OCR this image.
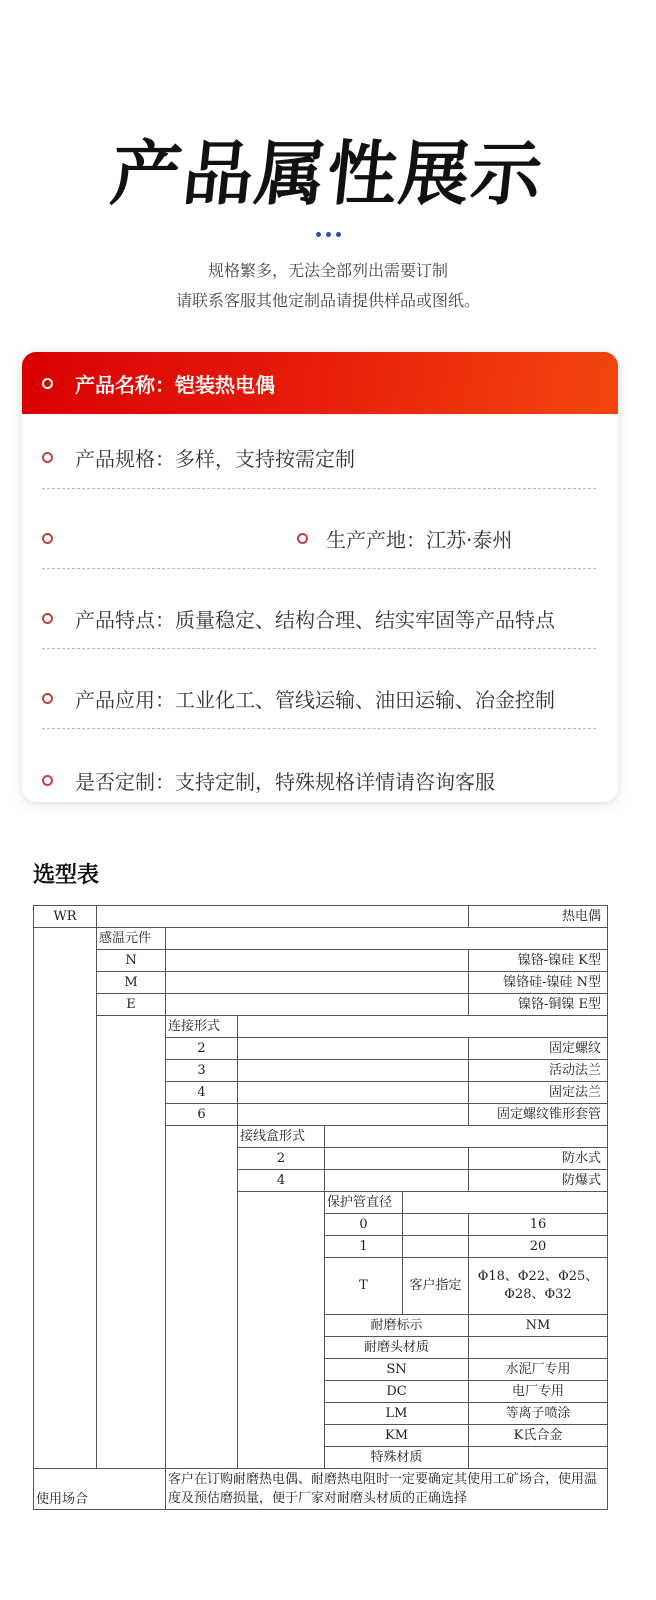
产品属性展示
规格繁多，无法全部列出需要订制
请联系客服其他定制品请提供样品或图纸。
产品名称：铠装热电偶
产品规格：多样，支持按需定制
生产产地：江苏·泰州
产品特点：质量稳定、结构合理、结实牢固等产品特点
产品应用：工业化工、管线运输、油田运输、冶金控制
是否定制：支持定制，特殊规格详情请咨询客服
选型表
WR						热电偶
	感温元件					
	N					镍铬-镍硅 K型
	M					镍铬硅-镍硅 N型
	E					镍铬-铜镍 E型
		连接形式				
		2				固定螺纹
		3				活动法兰
		4				固定法兰
		6				固定螺纹锥形套管
			接线盒形式			
			2			防水式
			4			防爆式
				保护管直径		
				0		16
				1		20
				T	客户指定	Φ18、Φ22、Φ25、Φ28、Φ32
				耐磨标示		NM
				耐磨头材质		
				SN		水泥厂专用
				DC		电厂专用
				LM		等离子喷涂
				KM		K氏合金
				特殊材质		
使用场合		客户在订购耐磨热电偶、耐磨热电阻时一定要确定其使用工矿场合，使用温度及预估磨损量，便于厂家对耐磨头材质的正确选择				
